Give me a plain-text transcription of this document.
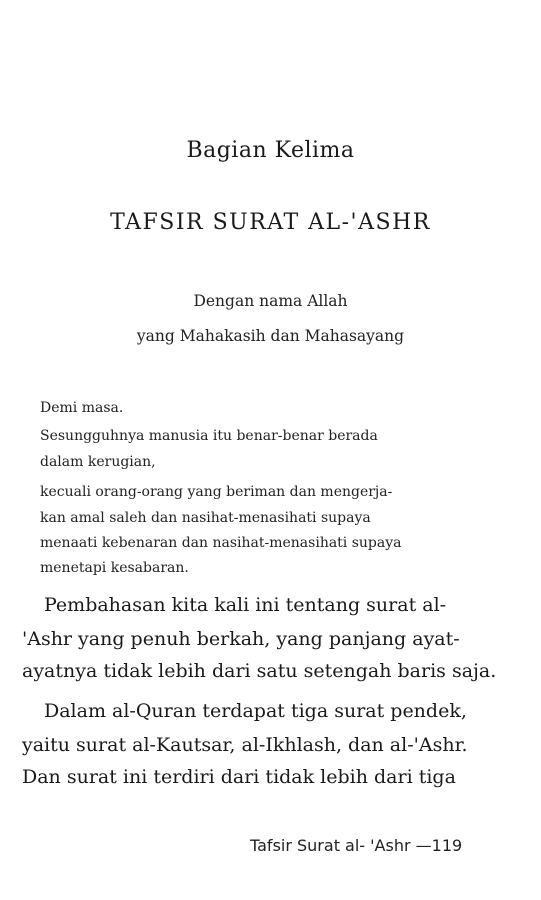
Bagian Kelima
TAFSIR SURAT AL-'ASHR
Dengan nama Allah
yang Mahakasih dan Mahasayang
Demi masa.
Sesungguhnya manusia itu benar-benar berada
dalam kerugian,
kecuali orang-orang yang beriman dan mengerja-
kan amal saleh dan nasihat-menasihati supaya
menaati kebenaran dan nasihat-menasihati supaya
menetapi kesabaran.
Pembahasan kita kali ini tentang surat al-
'Ashr yang penuh berkah, yang panjang ayat-
ayatnya tidak lebih dari satu setengah baris saja.
Dalam al-Quran terdapat tiga surat pendek,
yaitu surat al-Kautsar, al-Ikhlash, dan al-'Ashr.
Dan surat ini terdiri dari tidak lebih dari tiga
Tafsir Surat al- 'Ashr —119
